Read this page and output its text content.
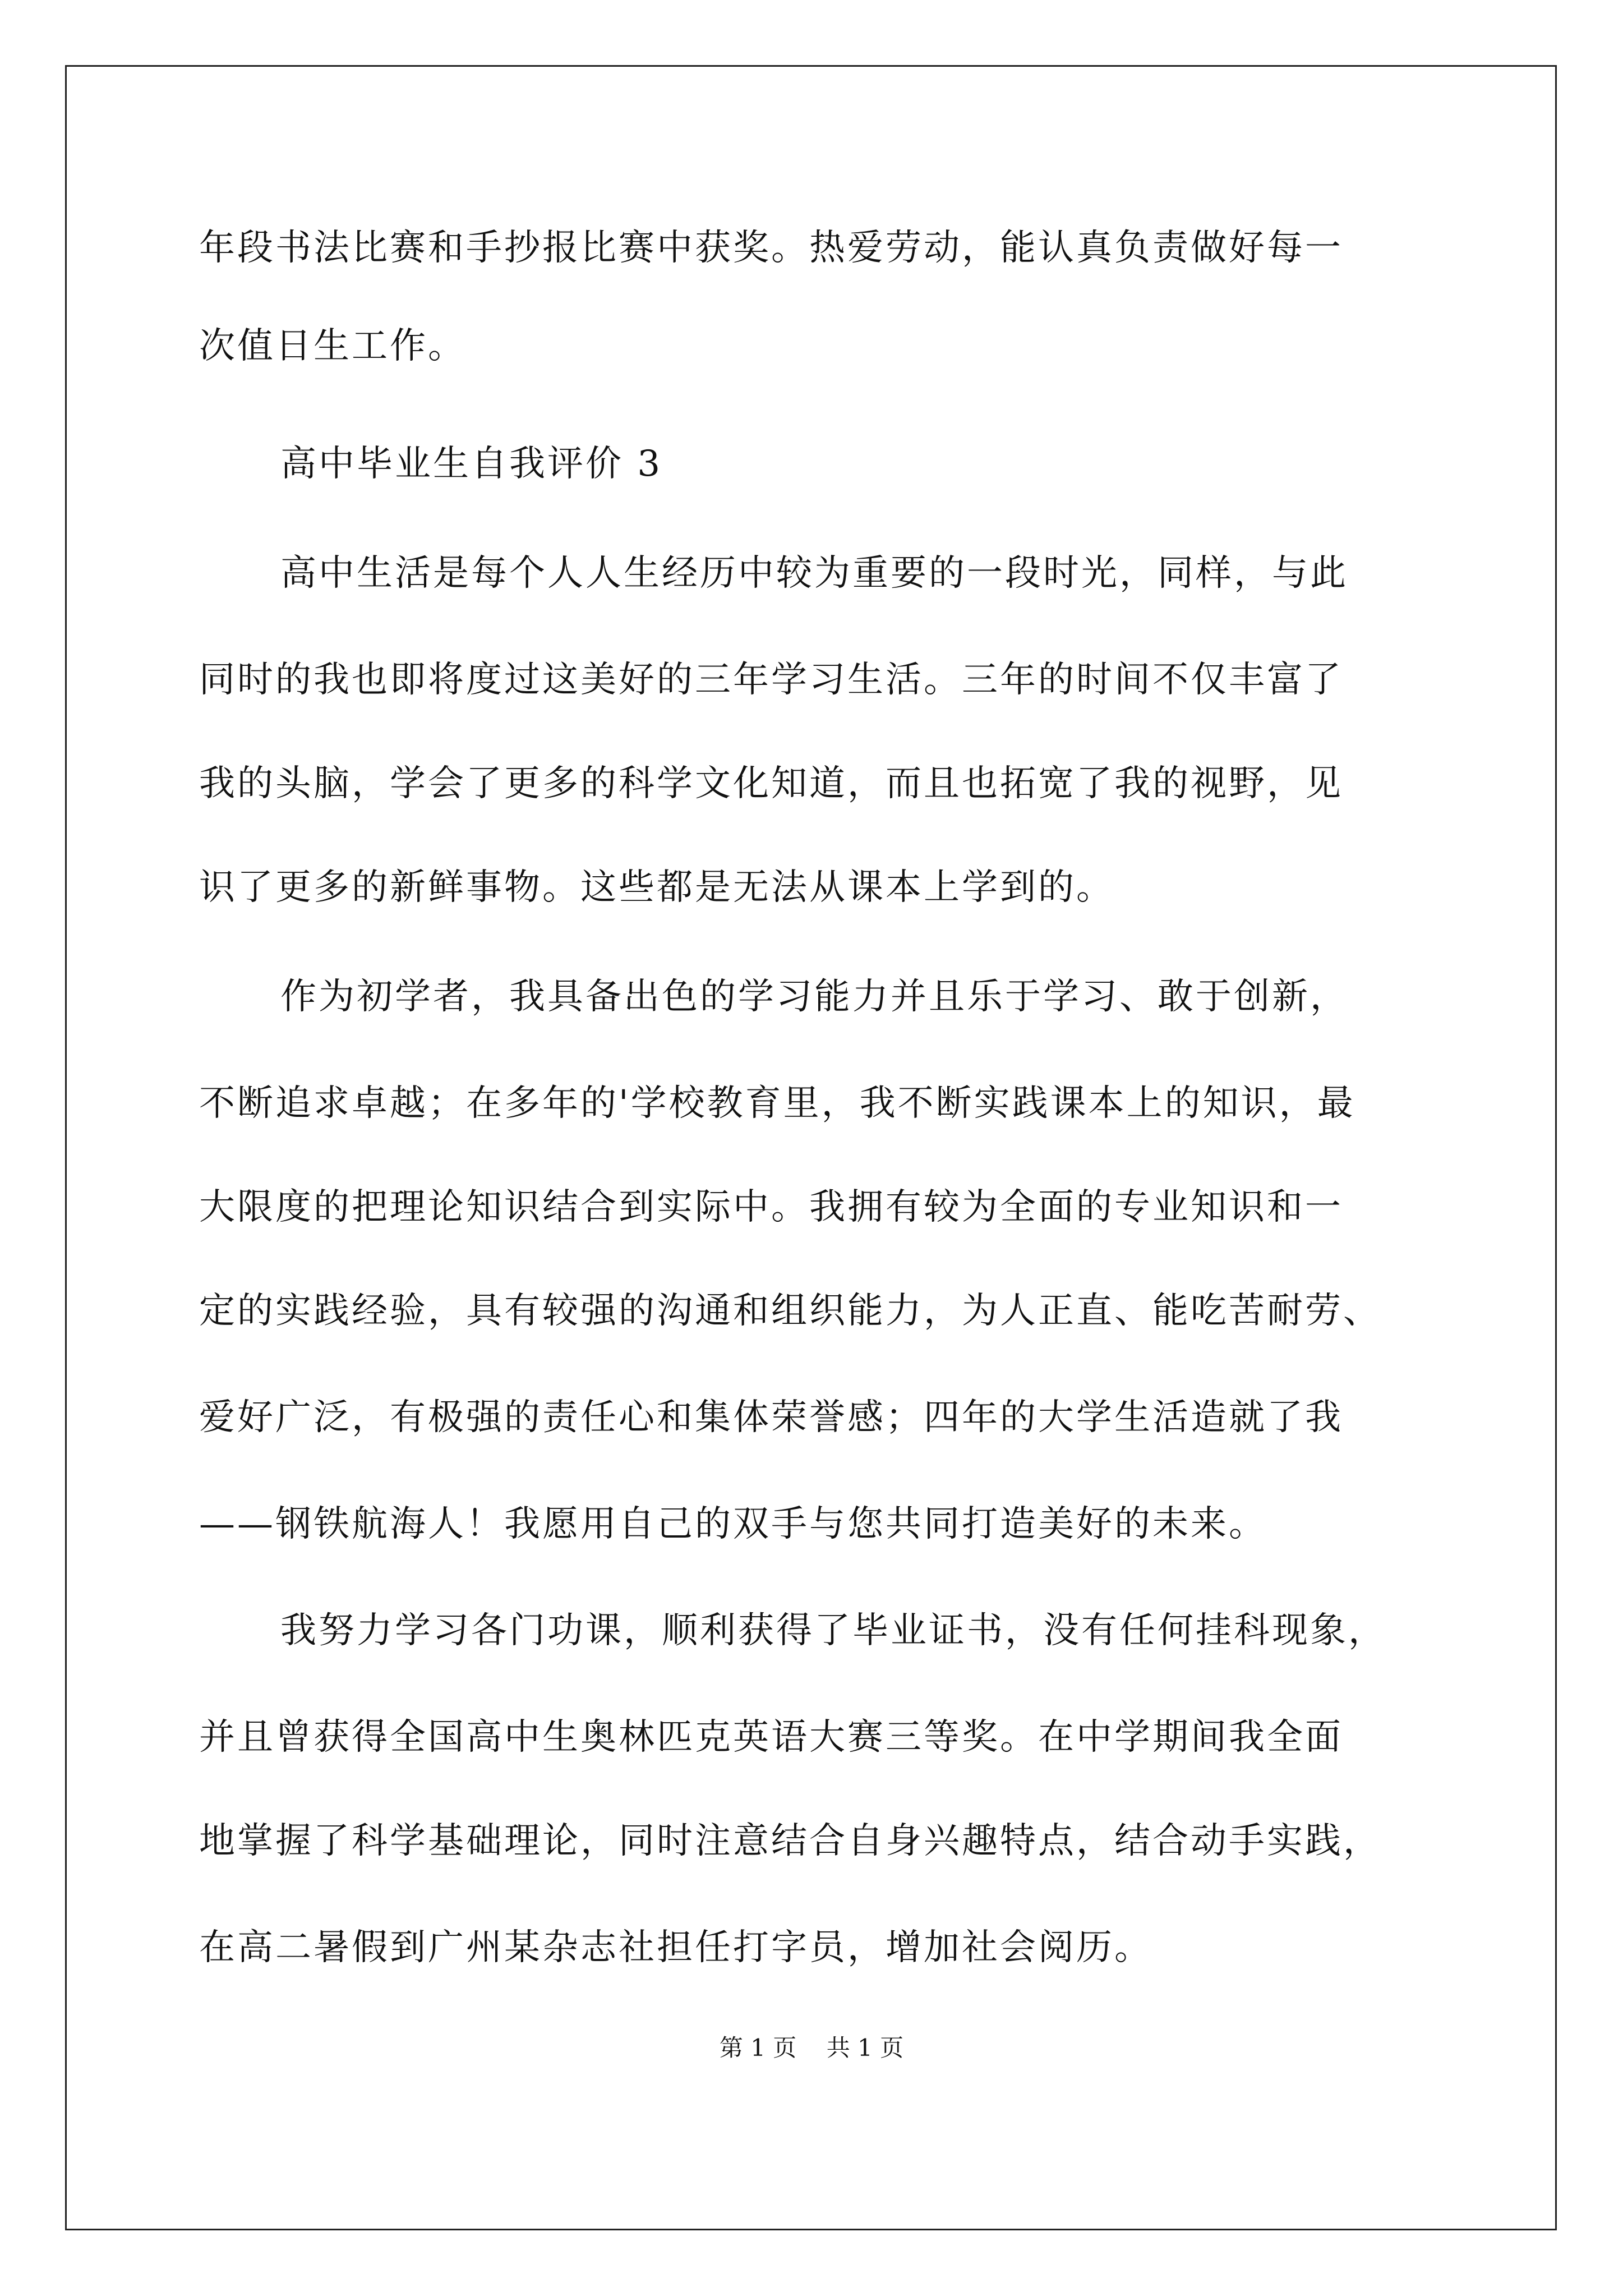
年段书法比赛和手抄报比赛中获奖。热爱劳动，能认真负责做好每一
次值日生工作。
高中毕业生自我评价 3
高中生活是每个人人生经历中较为重要的一段时光，同样，与此
同时的我也即将度过这美好的三年学习生活。三年的时间不仅丰富了
我的头脑，学会了更多的科学文化知道，而且也拓宽了我的视野，见
识了更多的新鲜事物。这些都是无法从课本上学到的。
作为初学者，我具备出色的学习能力并且乐于学习、敢于创新，
不断追求卓越；在多年的'学校教育里，我不断实践课本上的知识，最
大限度的把理论知识结合到实际中。我拥有较为全面的专业知识和一
定的实践经验，具有较强的沟通和组织能力，为人正直、能吃苦耐劳、
爱好广泛，有极强的责任心和集体荣誉感；四年的大学生活造就了我
——钢铁航海人！我愿用自己的双手与您共同打造美好的未来。
我努力学习各门功课，顺利获得了毕业证书，没有任何挂科现象，
并且曾获得全国高中生奥林匹克英语大赛三等奖。在中学期间我全面
地掌握了科学基础理论，同时注意结合自身兴趣特点，结合动手实践，
在高二暑假到广州某杂志社担任打字员，增加社会阅历。
第 1 页    共 1 页
